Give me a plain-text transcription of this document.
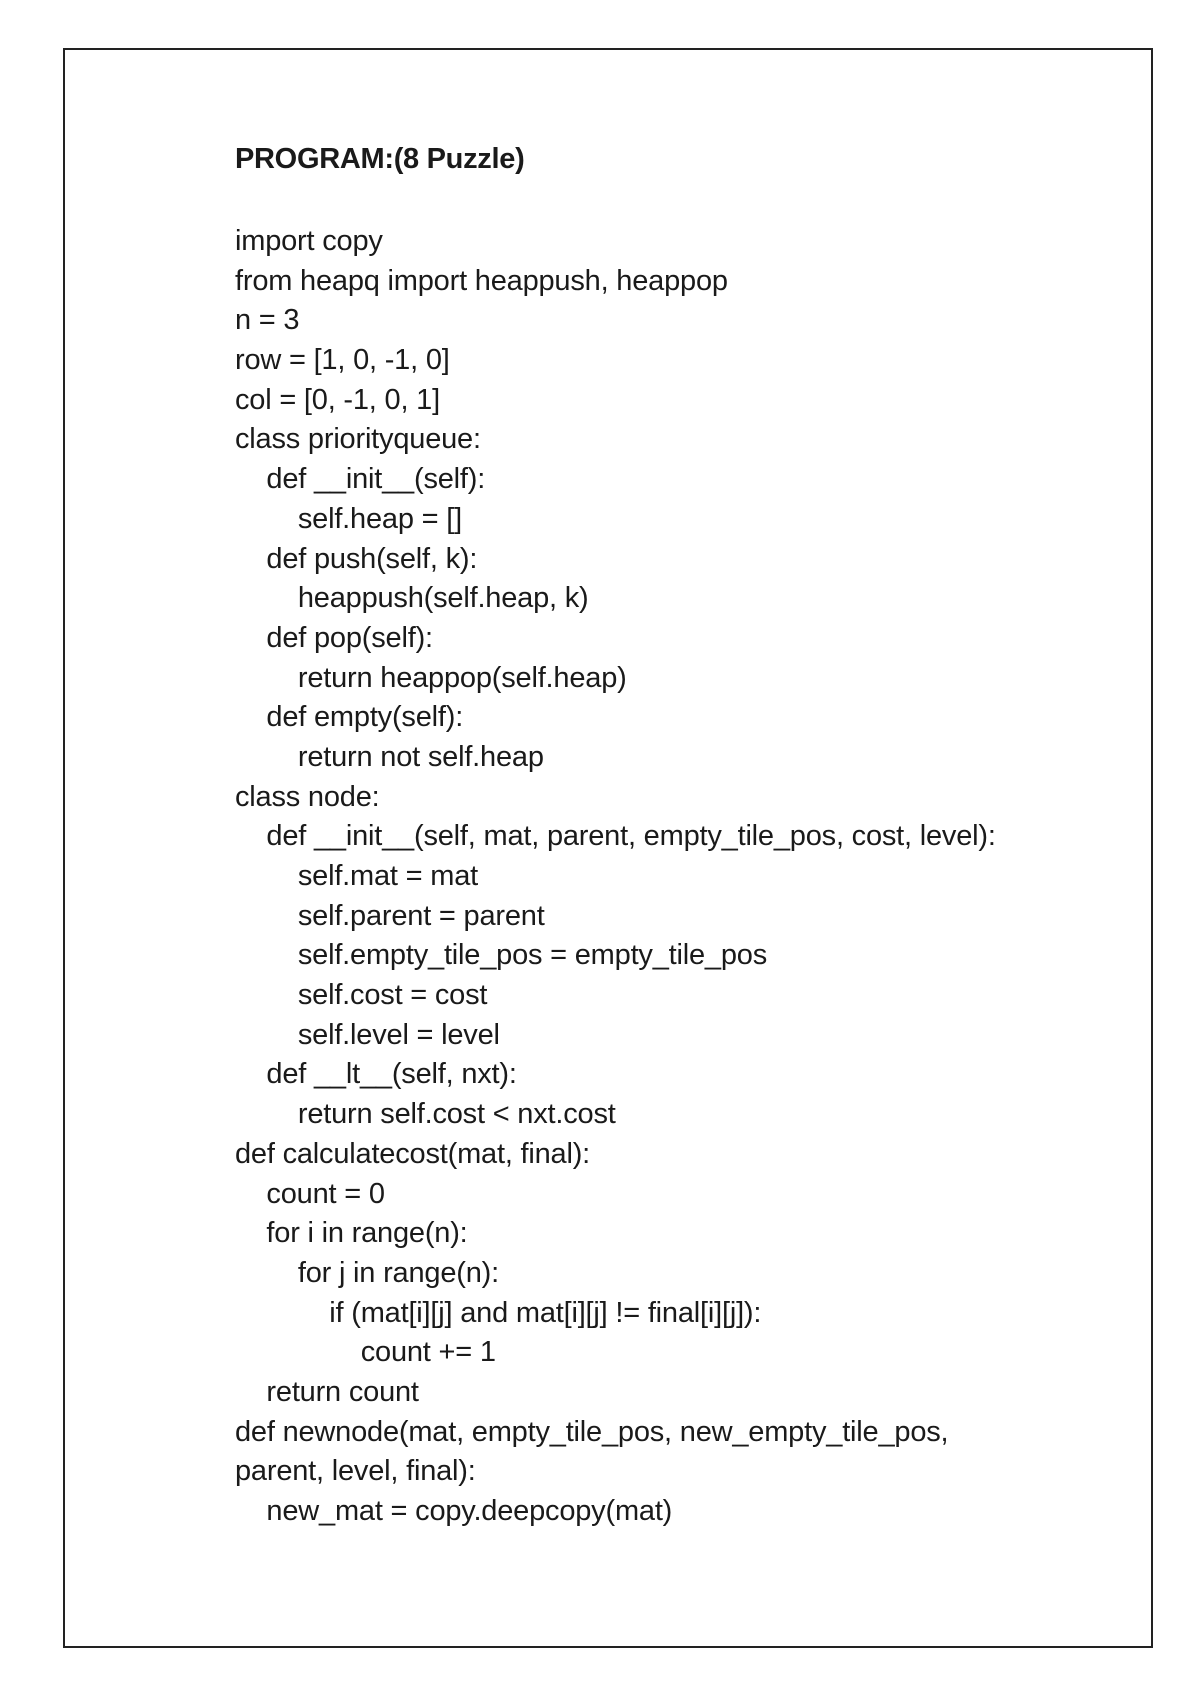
PROGRAM:(8 Puzzle)
import copy
from heapq import heappush, heappop
n = 3
row = [1, 0, -1, 0]
col = [0, -1, 0, 1]
class priorityqueue:
def __init__(self):
self.heap = []
def push(self, k):
heappush(self.heap, k)
def pop(self):
return heappop(self.heap)
def empty(self):
return not self.heap
class node:
def __init__(self, mat, parent, empty_tile_pos, cost, level):
self.mat = mat
self.parent = parent
self.empty_tile_pos = empty_tile_pos
self.cost = cost
self.level = level
def __lt__(self, nxt):
return self.cost < nxt.cost
def calculatecost(mat, final):
count = 0
for i in range(n):
for j in range(n):
if (mat[i][j] and mat[i][j] != final[i][j]):
count += 1
return count
def newnode(mat, empty_tile_pos, new_empty_tile_pos,
parent, level, final):
new_mat = copy.deepcopy(mat)
